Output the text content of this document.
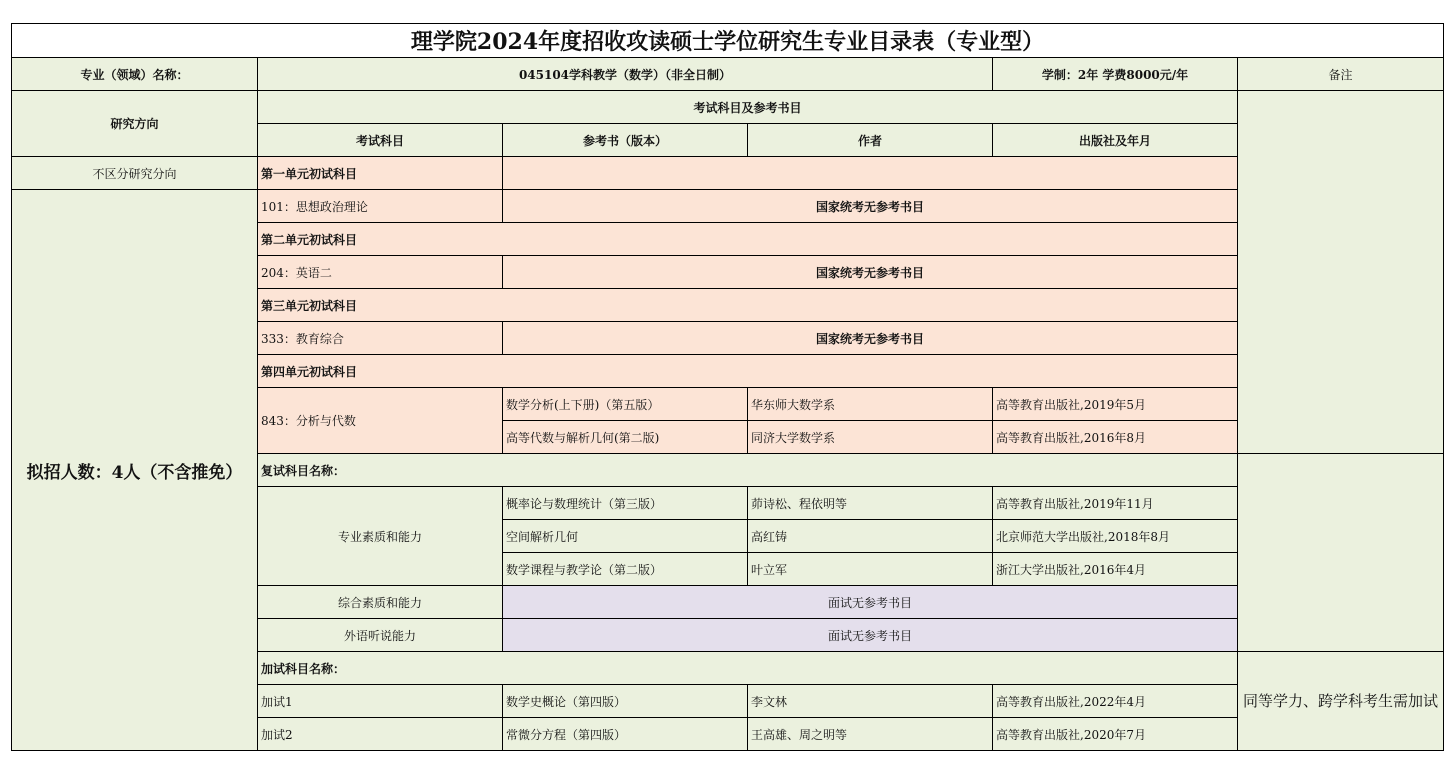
理学院2024年度招收攻读硕士学位研究生专业目录表（专业型）					
专业（领域）名称：	045104学科教学（数学）（非全日制）			学制：2年 学费8000元/年	备注
研究方向	考试科目及参考书目				
	考试科目	参考书（版本）	作者	出版社及年月	
不区分研究分向	第一单元初试科目				
拟招人数：4人（不含推免）	101：思想政治理论	国家统考无参考书目			
	第二单元初试科目				
	204：英语二	国家统考无参考书目			
	第三单元初试科目				
	333：教育综合	国家统考无参考书目			
	第四单元初试科目				
	843：分析与代数	数学分析(上下册)（第五版）	华东师大数学系	高等教育出版社,2019年5月	
		高等代数与解析几何(第二版)	同济大学数学系	高等教育出版社,2016年8月	
	复试科目名称：				
	专业素质和能力	概率论与数理统计（第三版）	茆诗松、程依明等	高等教育出版社,2019年11月	
		空间解析几何	高红铸	北京师范大学出版社,2018年8月	
		数学课程与教学论（第二版）	叶立军	浙江大学出版社,2016年4月	
	综合素质和能力	面试无参考书目			
	外语听说能力	面试无参考书目			
	加试科目名称：				同等学力、跨学科考生需加试
	加试1	数学史概论（第四版）	李文林	高等教育出版社,2022年4月	
	加试2	常微分方程（第四版）	王高雄、周之明等	高等教育出版社,2020年7月	
